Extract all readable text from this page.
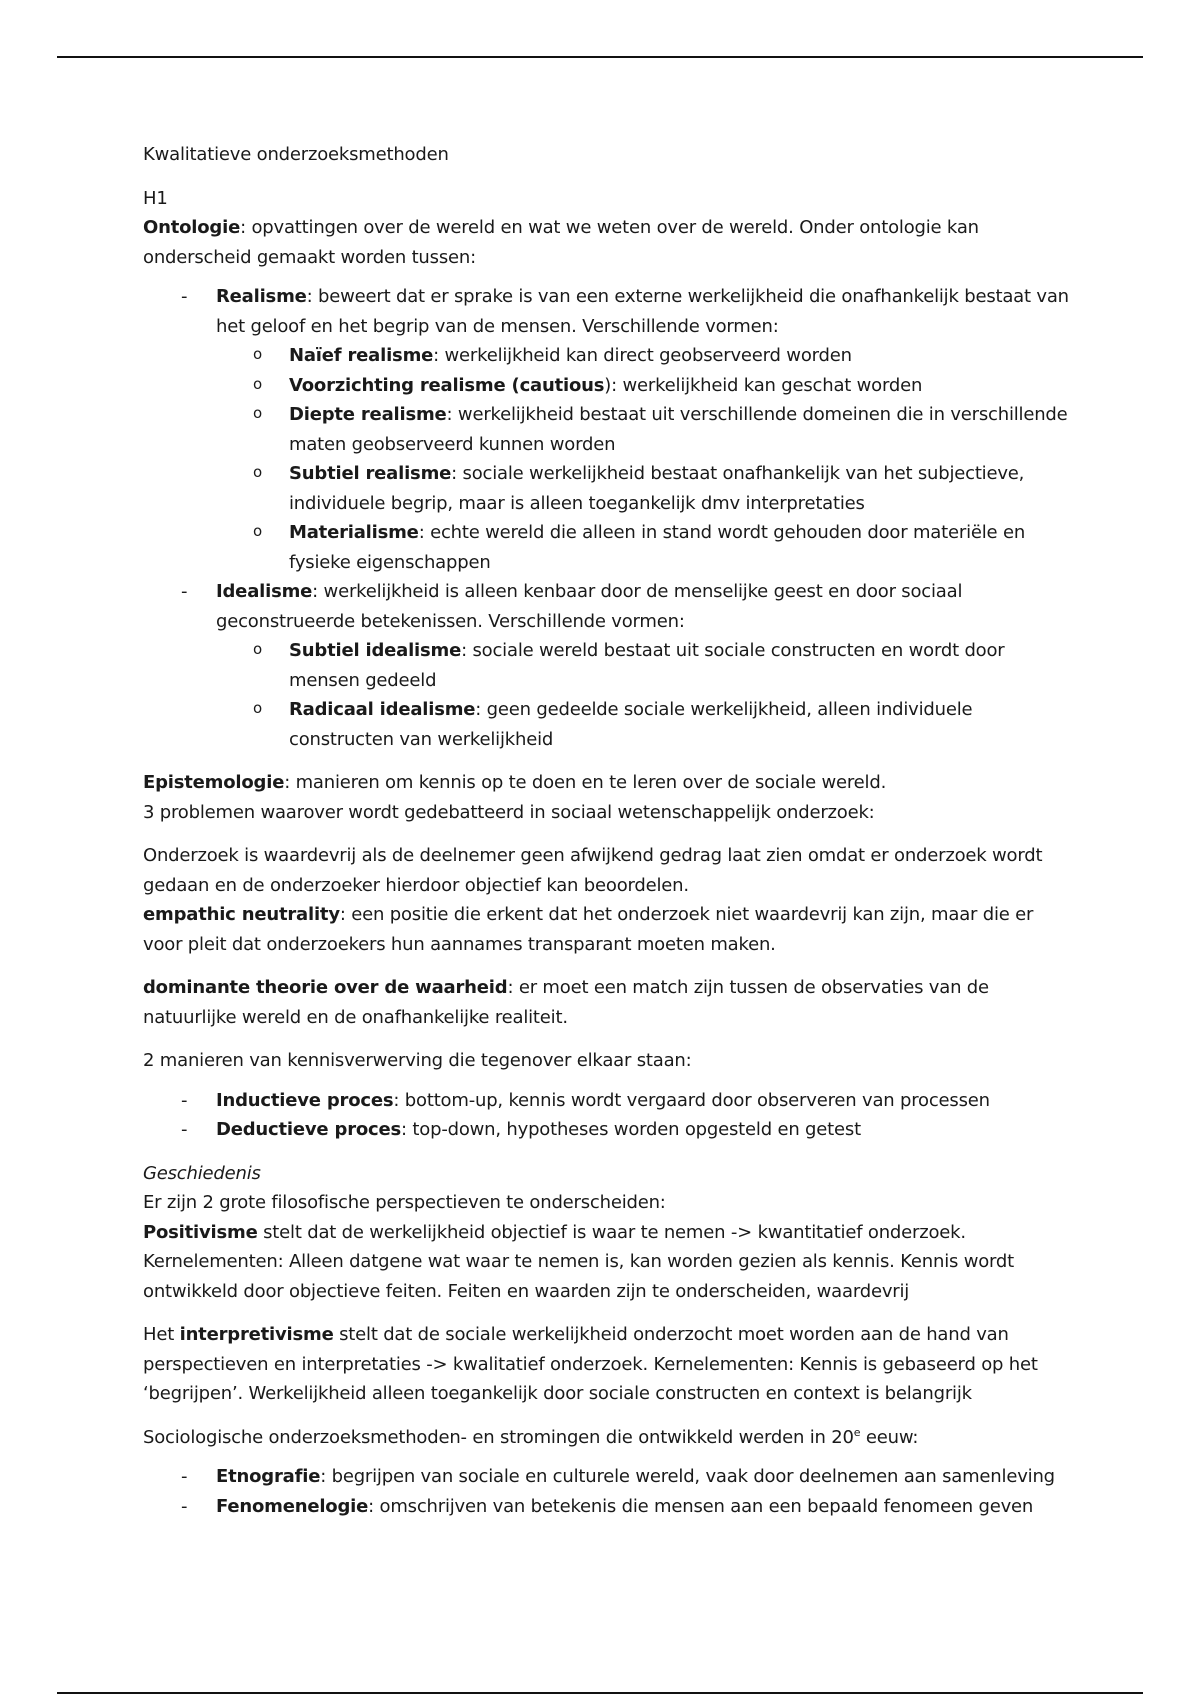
Kwalitatieve onderzoeksmethoden

H1

Ontologie: opvattingen over de wereld en wat we weten over de wereld. Onder ontologie kan onderscheid gemaakt worden tussen:

- Realisme: beweert dat er sprake is van een externe werkelijkheid die onafhankelijk bestaat van het geloof en het begrip van de mensen. Verschillende vormen:
o Naïef realisme: werkelijkheid kan direct geobserveerd worden
o Voorzichting realisme (cautious): werkelijkheid kan geschat worden
o Diepte realisme: werkelijkheid bestaat uit verschillende domeinen die in verschillende maten geobserveerd kunnen worden
o Subtiel realisme: sociale werkelijkheid bestaat onafhankelijk van het subjectieve, individuele begrip, maar is alleen toegankelijk dmv interpretaties
o Materialisme: echte wereld die alleen in stand wordt gehouden door materiële en fysieke eigenschappen
- Idealisme: werkelijkheid is alleen kenbaar door de menselijke geest en door sociaal geconstrueerde betekenissen. Verschillende vormen:
o Subtiel idealisme: sociale wereld bestaat uit sociale constructen en wordt door mensen gedeeld
o Radicaal idealisme: geen gedeelde sociale werkelijkheid, alleen individuele constructen van werkelijkheid

Epistemologie: manieren om kennis op te doen en te leren over de sociale wereld.

3 problemen waarover wordt gedebatteerd in sociaal wetenschappelijk onderzoek:

Onderzoek is waardevrij als de deelnemer geen afwijkend gedrag laat zien omdat er onderzoek wordt gedaan en de onderzoeker hierdoor objectief kan beoordelen.

empathic neutrality: een positie die erkent dat het onderzoek niet waardevrij kan zijn, maar die er voor pleit dat onderzoekers hun aannames transparant moeten maken.

dominante theorie over de waarheid: er moet een match zijn tussen de observaties van de natuurlijke wereld en de onafhankelijke realiteit.

2 manieren van kennisverwerving die tegenover elkaar staan:

- Inductieve proces: bottom-up, kennis wordt vergaard door observeren van processen
- Deductieve proces: top-down, hypotheses worden opgesteld en getest

Geschiedenis

Er zijn 2 grote filosofische perspectieven te onderscheiden:

Positivisme stelt dat de werkelijkheid objectief is waar te nemen -> kwantitatief onderzoek. Kernelementen: Alleen datgene wat waar te nemen is, kan worden gezien als kennis. Kennis wordt ontwikkeld door objectieve feiten. Feiten en waarden zijn te onderscheiden, waardevrij

Het interpretivisme stelt dat de sociale werkelijkheid onderzocht moet worden aan de hand van perspectieven en interpretaties -> kwalitatief onderzoek. Kernelementen: Kennis is gebaseerd op het ‘begrijpen’. Werkelijkheid alleen toegankelijk door sociale constructen en context is belangrijk

Sociologische onderzoeksmethoden- en stromingen die ontwikkeld werden in 20e eeuw:

- Etnografie: begrijpen van sociale en culturele wereld, vaak door deelnemen aan samenleving
- Fenomenelogie: omschrijven van betekenis die mensen aan een bepaald fenomeen geven
